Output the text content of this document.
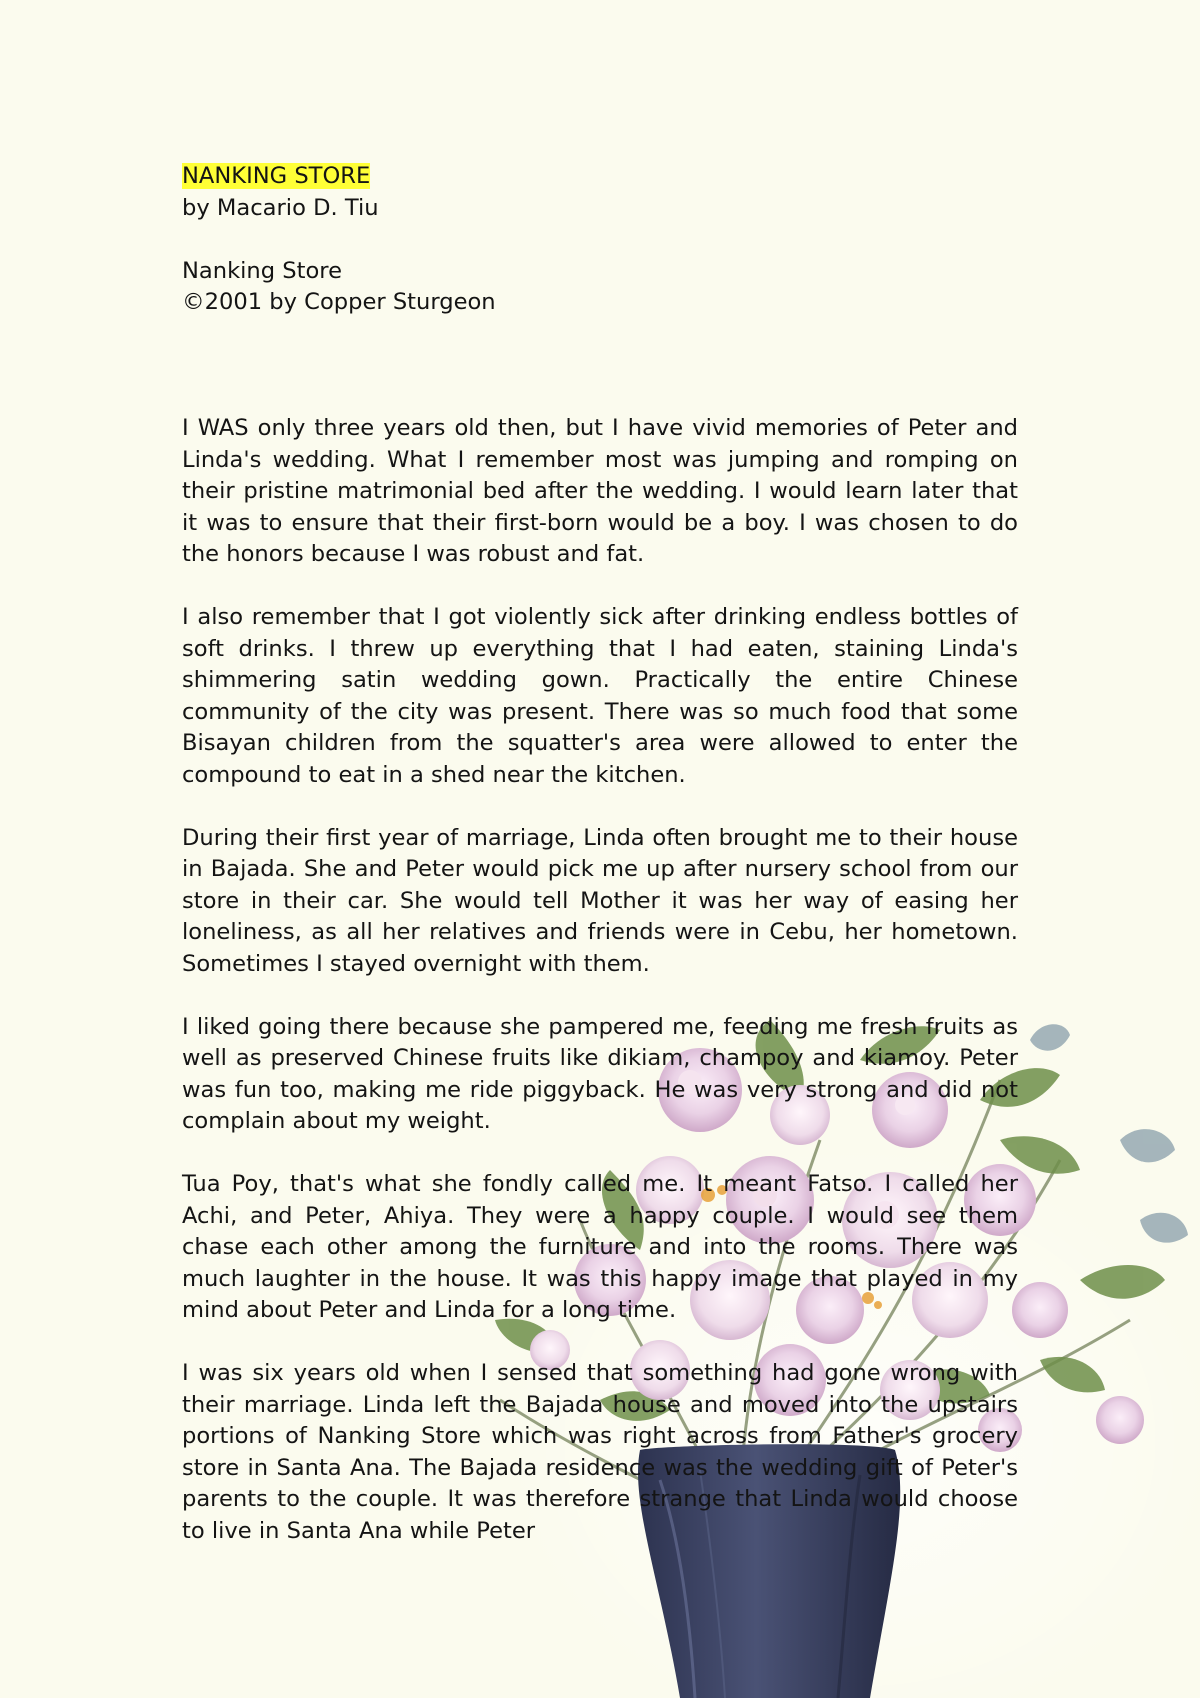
NANKING STORE
by Macario D. Tiu
Nanking Store
©2001 by Copper Sturgeon

I WAS only three years old then, but I have vivid memories of Peter and Linda's wedding. What I remember most was jumping and romping on their pristine matrimonial bed after the wedding. I would learn later that it was to ensure that their first-born would be a boy. I was chosen to do the honors because I was robust and fat.

I also remember that I got violently sick after drinking endless bottles of soft drinks. I threw up everything that I had eaten, staining Linda's shimmering satin wedding gown. Practically the entire Chinese community of the city was present. There was so much food that some Bisayan children from the squatter's area were allowed to enter the compound to eat in a shed near the kitchen.

During their first year of marriage, Linda often brought me to their house in Bajada. She and Peter would pick me up after nursery school from our store in their car. She would tell Mother it was her way of easing her loneliness, as all her relatives and friends were in Cebu, her hometown. Sometimes I stayed overnight with them.

I liked going there because she pampered me, feeding me fresh fruits as well as preserved Chinese fruits like dikiam, champoy and kiamoy. Peter was fun too, making me ride piggyback. He was very strong and did not complain about my weight.

Tua Poy, that's what she fondly called me. It meant Fatso. I called her Achi, and Peter, Ahiya. They were a happy couple. I would see them chase each other among the furniture and into the rooms. There was much laughter in the house. It was this happy image that played in my mind about Peter and Linda for a long time.

I was six years old when I sensed that something had gone wrong with their marriage. Linda left the Bajada house and moved into the upstairs portions of Nanking Store which was right across from Father's grocery store in Santa Ana. The Bajada residence was the wedding gift of Peter's parents to the couple. It was therefore strange that Linda would choose to live in Santa Ana while Peter
